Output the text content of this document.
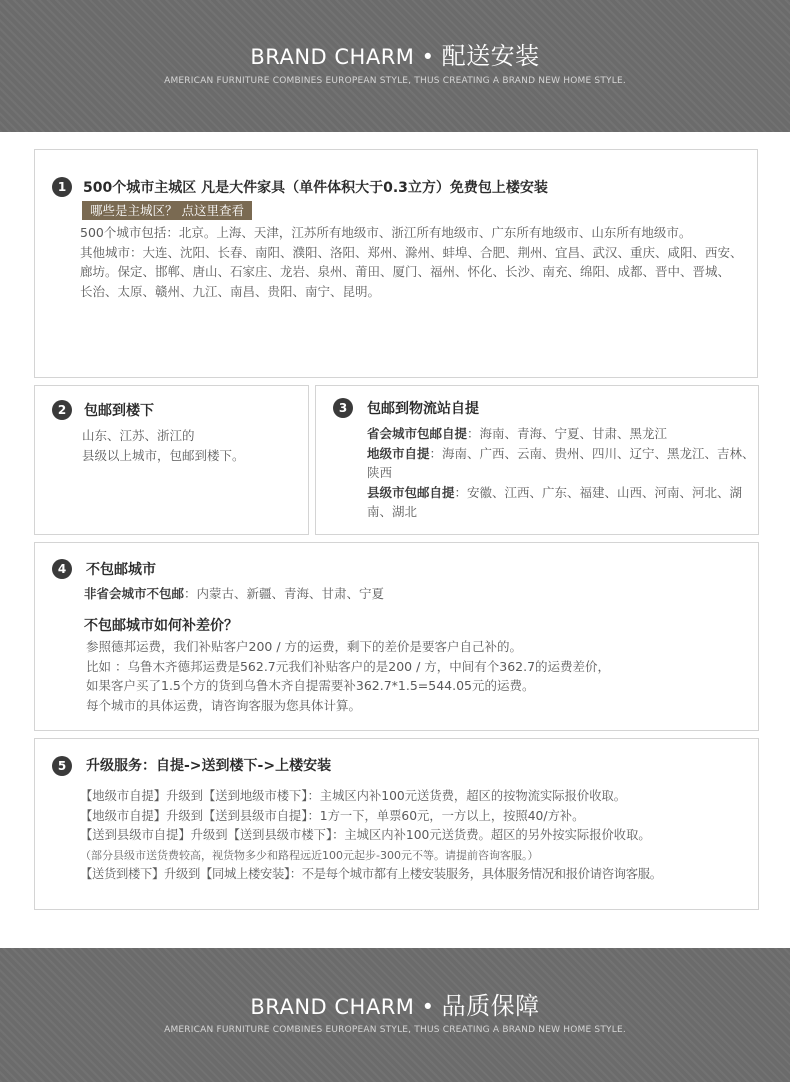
BRAND CHARM • 配送安装
AMERICAN FURNITURE COMBINES EUROPEAN STYLE, THUS CREATING A BRAND NEW HOME STYLE.
1	500个城市主城区 凡是大件家具（单件体积大于0.3立方）免费包上楼安装
哪些是主城区？ 点这里查看

500个城市包括：北京。上海、天津，江苏所有地级市、浙江所有地级市、广东所有地级市、山东所有地级市。

其他城市：大连、沈阳、长春、南阳、濮阳、洛阳、郑州、滁州、蚌埠、合肥、荆州、宜昌、武汉、重庆、咸阳、西安、

廊坊。保定、邯郸、唐山、石家庄、龙岩、泉州、莆田、厦门、福州、怀化、长沙、南充、绵阳、成都、晋中、晋城、

长治、太原、赣州、九江、南昌、贵阳、南宁、昆明。

2	包邮到楼下

山东、江苏、浙江的

县级以上城市，包邮到楼下。

3	包邮到物流站自提

省会城市包邮自提：海南、青海、宁夏、甘肃、黑龙江

地级市自提：海南、广西、云南、贵州、四川、辽宁、黑龙江、吉林、陕西

县级市包邮自提：安徽、江西、广东、福建、山西、河南、河北、湖南、湖北

4	不包邮城市

非省会城市不包邮：内蒙古、新疆、青海、甘肃、宁夏

不包邮城市如何补差价？

参照德邦运费，我们补贴客户200 / 方的运费，剩下的差价是要客户自己补的。

比如 ：乌鲁木齐德邦运费是562.7元我们补贴客户的是200 / 方，中间有个362.7的运费差价，

如果客户买了1.5个方的货到乌鲁木齐自提需要补362.7*1.5=544.05元的运费。

每个城市的具体运费，请咨询客服为您具体计算。

5	升级服务：自提->送到楼下->上楼安装

【地级市自提】升级到【送到地级市楼下】：主城区内补100元送货费，超区的按物流实际报价收取。

【地级市自提】升级到【送到县级市自提】：1方一下，单票60元，一方以上，按照40/方补。

【送到县级市自提】升级到【送到县级市楼下】：主城区内补100元送货费。超区的另外按实际报价收取。

（部分县级市送货费较高，视货物多少和路程远近100元起步-300元不等。请提前咨询客服。）

【送货到楼下】升级到【同城上楼安装】：不是每个城市都有上楼安装服务，具体服务情况和报价请咨询客服。

BRAND CHARM • 品质保障
AMERICAN FURNITURE COMBINES EUROPEAN STYLE, THUS CREATING A BRAND NEW HOME STYLE.
